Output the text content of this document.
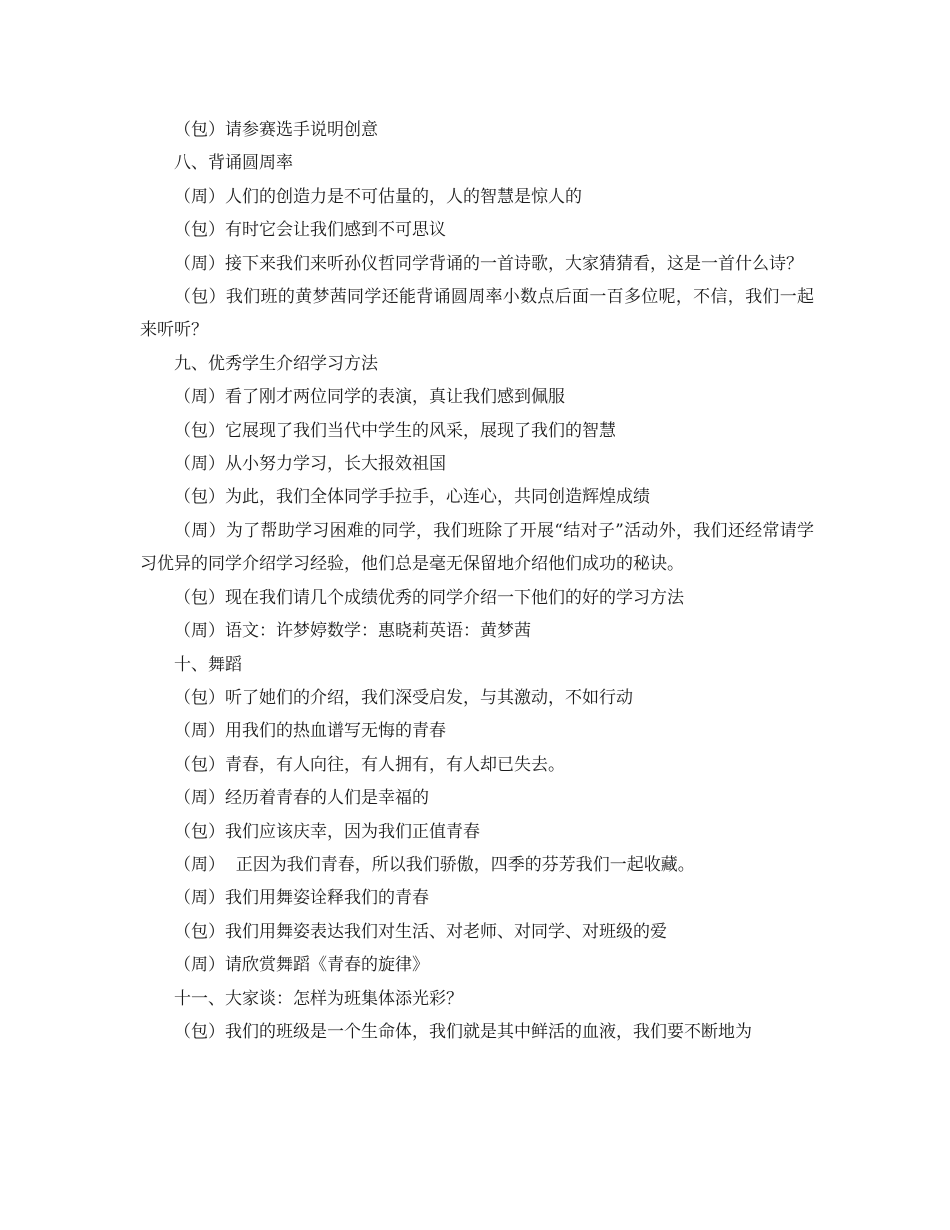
（包）请参赛选手说明创意

八、背诵圆周率

（周）人们的创造力是不可估量的，人的智慧是惊人的

（包）有时它会让我们感到不可思议

（周）接下来我们来听孙仪哲同学背诵的一首诗歌，大家猜猜看，这是一首什么诗？

（包）我们班的黄梦茜同学还能背诵圆周率小数点后面一百多位呢，不信，我们一起来听听？

九、优秀学生介绍学习方法

（周）看了刚才两位同学的表演，真让我们感到佩服

（包）它展现了我们当代中学生的风采，展现了我们的智慧

（周）从小努力学习，长大报效祖国

（包）为此，我们全体同学手拉手，心连心，共同创造辉煌成绩

（周）为了帮助学习困难的同学，我们班除了开展“结对子”活动外，我们还经常请学习优异的同学介绍学习经验，他们总是毫无保留地介绍他们成功的秘诀。

（包）现在我们请几个成绩优秀的同学介绍一下他们的好的学习方法

（周）语文：许梦婷数学：惠晓莉英语：黄梦茜

十、舞蹈

（包）听了她们的介绍，我们深受启发，与其激动，不如行动

（周）用我们的热血谱写无悔的青春

（包）青春，有人向往，有人拥有，有人却已失去。

（周）经历着青春的人们是幸福的

（包）我们应该庆幸，因为我们正值青春

（周）  正因为我们青春，所以我们骄傲，四季的芬芳我们一起收藏。

（周）我们用舞姿诠释我们的青春

（包）我们用舞姿表达我们对生活、对老师、对同学、对班级的爱

（周）请欣赏舞蹈《青春的旋律》

十一、大家谈：怎样为班集体添光彩？

（包）我们的班级是一个生命体，我们就是其中鲜活的血液，我们要不断地为
